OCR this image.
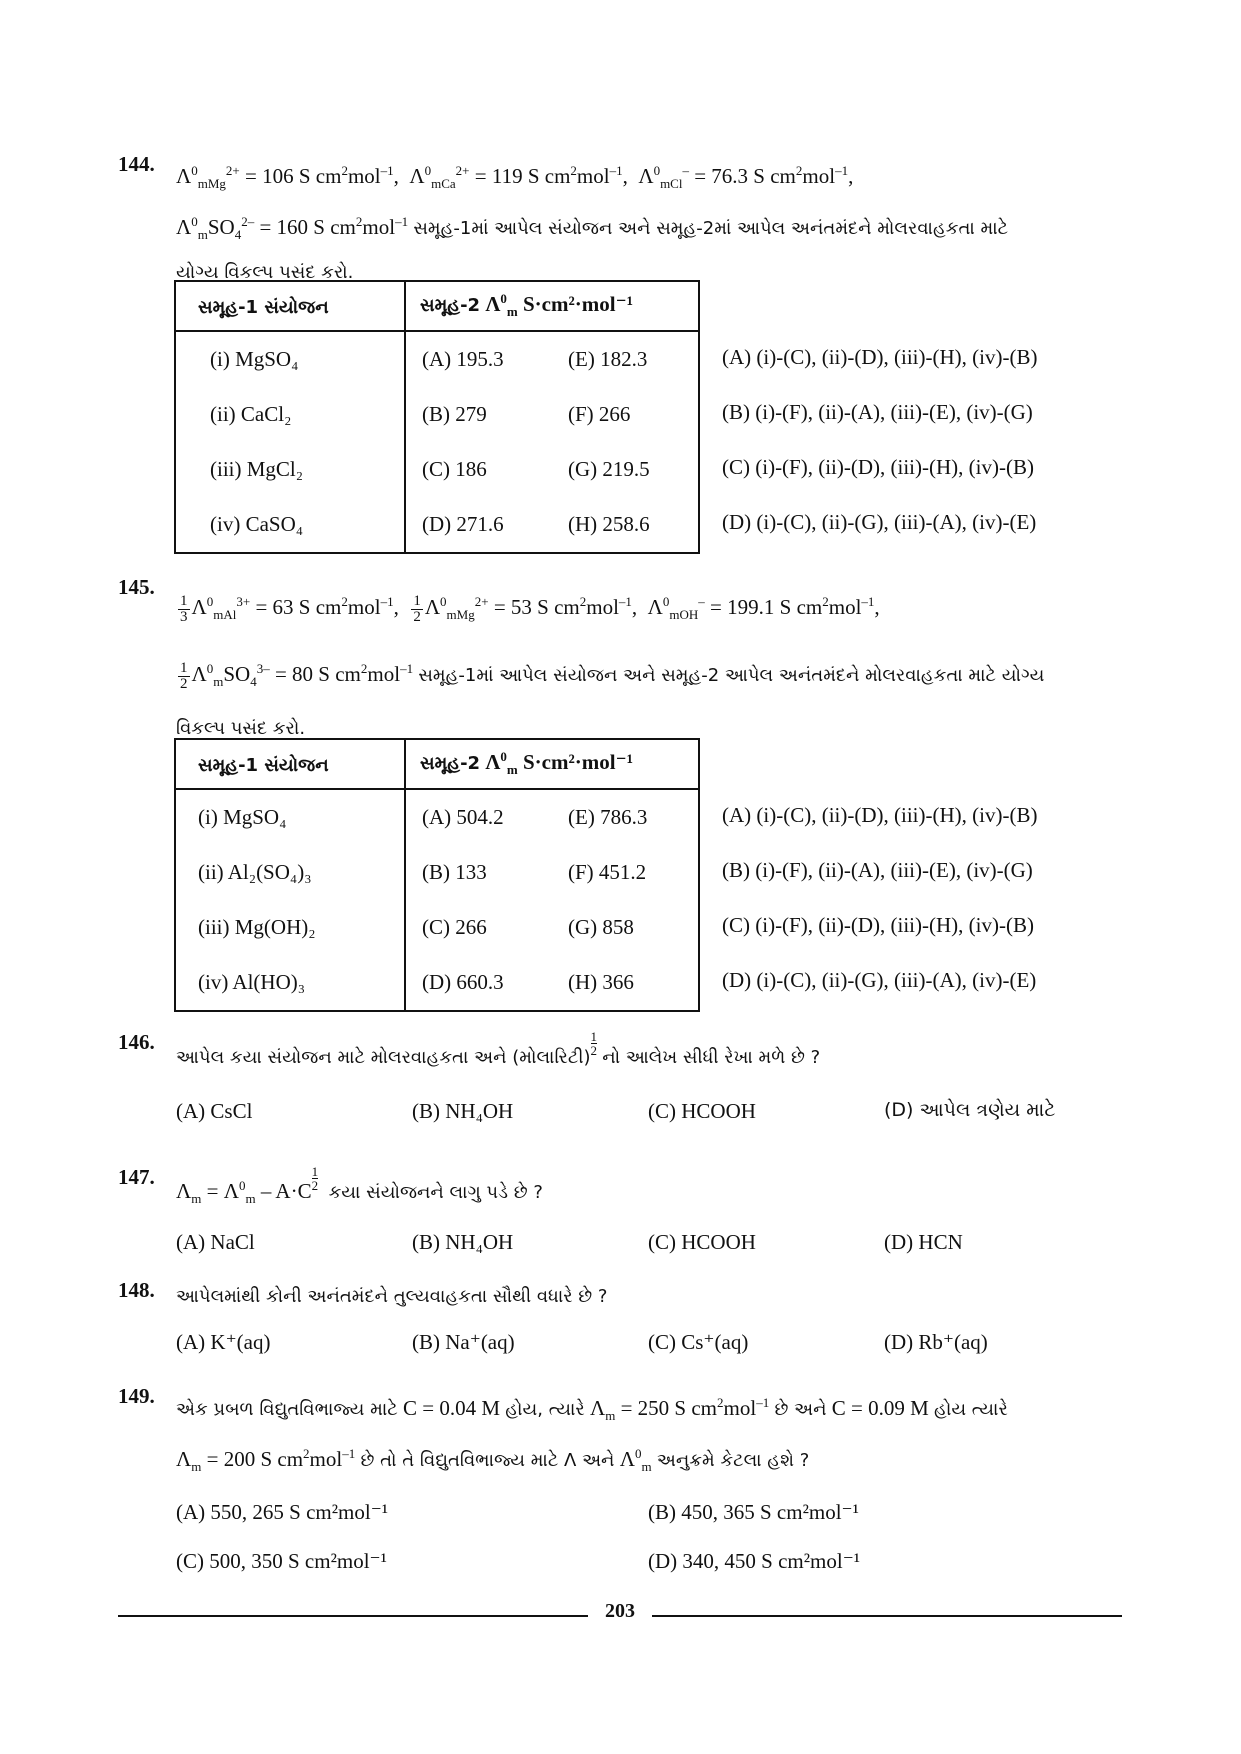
144. $\Lambda^0_{mMg}^{2+} = 106$ S $cm^2mol^{-1}$,  $\Lambda^0_{mCa}^{2+} = 119$ S $cm^2mol^{-1}$,  $\Lambda^0_{mCl}^- = 76.3$ S $cm^2mol^{-1}$,
$\Lambda^0_mSO_4^{2-} = 160$ S $cm^2mol^{-1}$ સમૂહ-1માં આપેલ સંયોજન અને સમૂહ-2માં આપેલ અનંતમંદને મોલરવાહકતા માટે
યોગ્ય વિકલ્પ પસંદ કરો.
સમૂહ-1 સંયોજન	સમૂહ-2 $\Lambda^0_m$ S·cm²·mol⁻¹	
(i) MgSO₄	(A) 195.3	(E) 182.3
(ii) CaCl₂	(B) 279	(F) 266
(iii) MgCl₂	(C) 186	(G) 219.5
(iv) CaSO₄	(D) 271.6	(H) 258.6
(A) (i)-(C), (ii)-(D), (iii)-(H), (iv)-(B)
(B) (i)-(F), (ii)-(A), (iii)-(E), (iv)-(G)
(C) (i)-(F), (ii)-(D), (iii)-(H), (iv)-(B)
(D) (i)-(C), (ii)-(G), (iii)-(A), (iv)-(E)
145.
$\frac{1}{3} \Lambda^0_{mAl}^{3+} = 63$ S $cm^2mol^{-1}$, $\frac{1}{2} \Lambda^0_{mMg}^{2+} = 53$ S $cm^2mol^{-1}$,  $\Lambda^0_{mOH}^- = 199.1$ S $cm^2mol^{-1}$,
$\frac{1}{2} \Lambda^0_mSO_4^{3-} = 80$ S $cm^2mol^{-1}$ સમૂહ-1માં આપેલ સંયોજન અને સમૂહ-2 આપેલ અનંતમંદને મોલરવાહકતા માટે યોગ્ય
વિકલ્પ પસંદ કરો.
સમૂહ-1 સંયોજન	સમૂહ-2 $\Lambda^0_m$ S·cm²·mol⁻¹	
(i) MgSO₄	(A) 504.2	(E) 786.3
(ii) Al₂(SO₄)₃	(B) 133	(F) 451.2
(iii) Mg(OH)₂	(C) 266	(G) 858
(iv) Al(HO)₃	(D) 660.3	(H) 366
(A) (i)-(C), (ii)-(D), (iii)-(H), (iv)-(B)
(B) (i)-(F), (ii)-(A), (iii)-(E), (iv)-(G)
(C) (i)-(F), (ii)-(D), (iii)-(H), (iv)-(B)
(D) (i)-(C), (ii)-(G), (iii)-(A), (iv)-(E)
146.
આપેલ કયા સંયોજન માટે મોલરવાહકતા અને (મોલારિટી)
$\frac{1}{2}$
નો આલેખ સીધી રેખા મળે છે ?
(A) CsCl	(B) NH₄OH	(C) HCOOH	(D) આપેલ ત્રણેય માટે
147.
$\Lambda_m = \Lambda^0_m - A\cdot C \frac{1}{2}$
કયા સંયોજનને લાગુ પડે છે ?
(A) NaCl	(B) NH₄OH	(C) HCOOH	(D) HCN
148. આપેલમાંથી કોની અનંતમંદને તુલ્યવાહકતા સૌથી વધારે છે ?
(A) K⁺(aq)	(B) Na⁺(aq)	(C) Cs⁺(aq)	(D) Rb⁺(aq)
149.
એક પ્રબળ વિદ્યુતવિભાજ્ય માટે C = 0.04 M હોય, ત્યારે $\Lambda_m = 250$ S $cm^2mol^{-1}$ છે અને C = 0.09 M હોય ત્યારે
$\Lambda_m = 200$ S $cm^2mol^{-1}$ છે તો તે વિદ્યુતવિભાજ્ય માટે Λ અને $\Lambda^0_m$ અનુક્રમે કેટલા હશે ?
(A) 550, 265 S cm²mol⁻¹	(B) 450, 365 S cm²mol⁻¹
(C) 500, 350 S cm²mol⁻¹	(D) 340, 450 S cm²mol⁻¹
203
